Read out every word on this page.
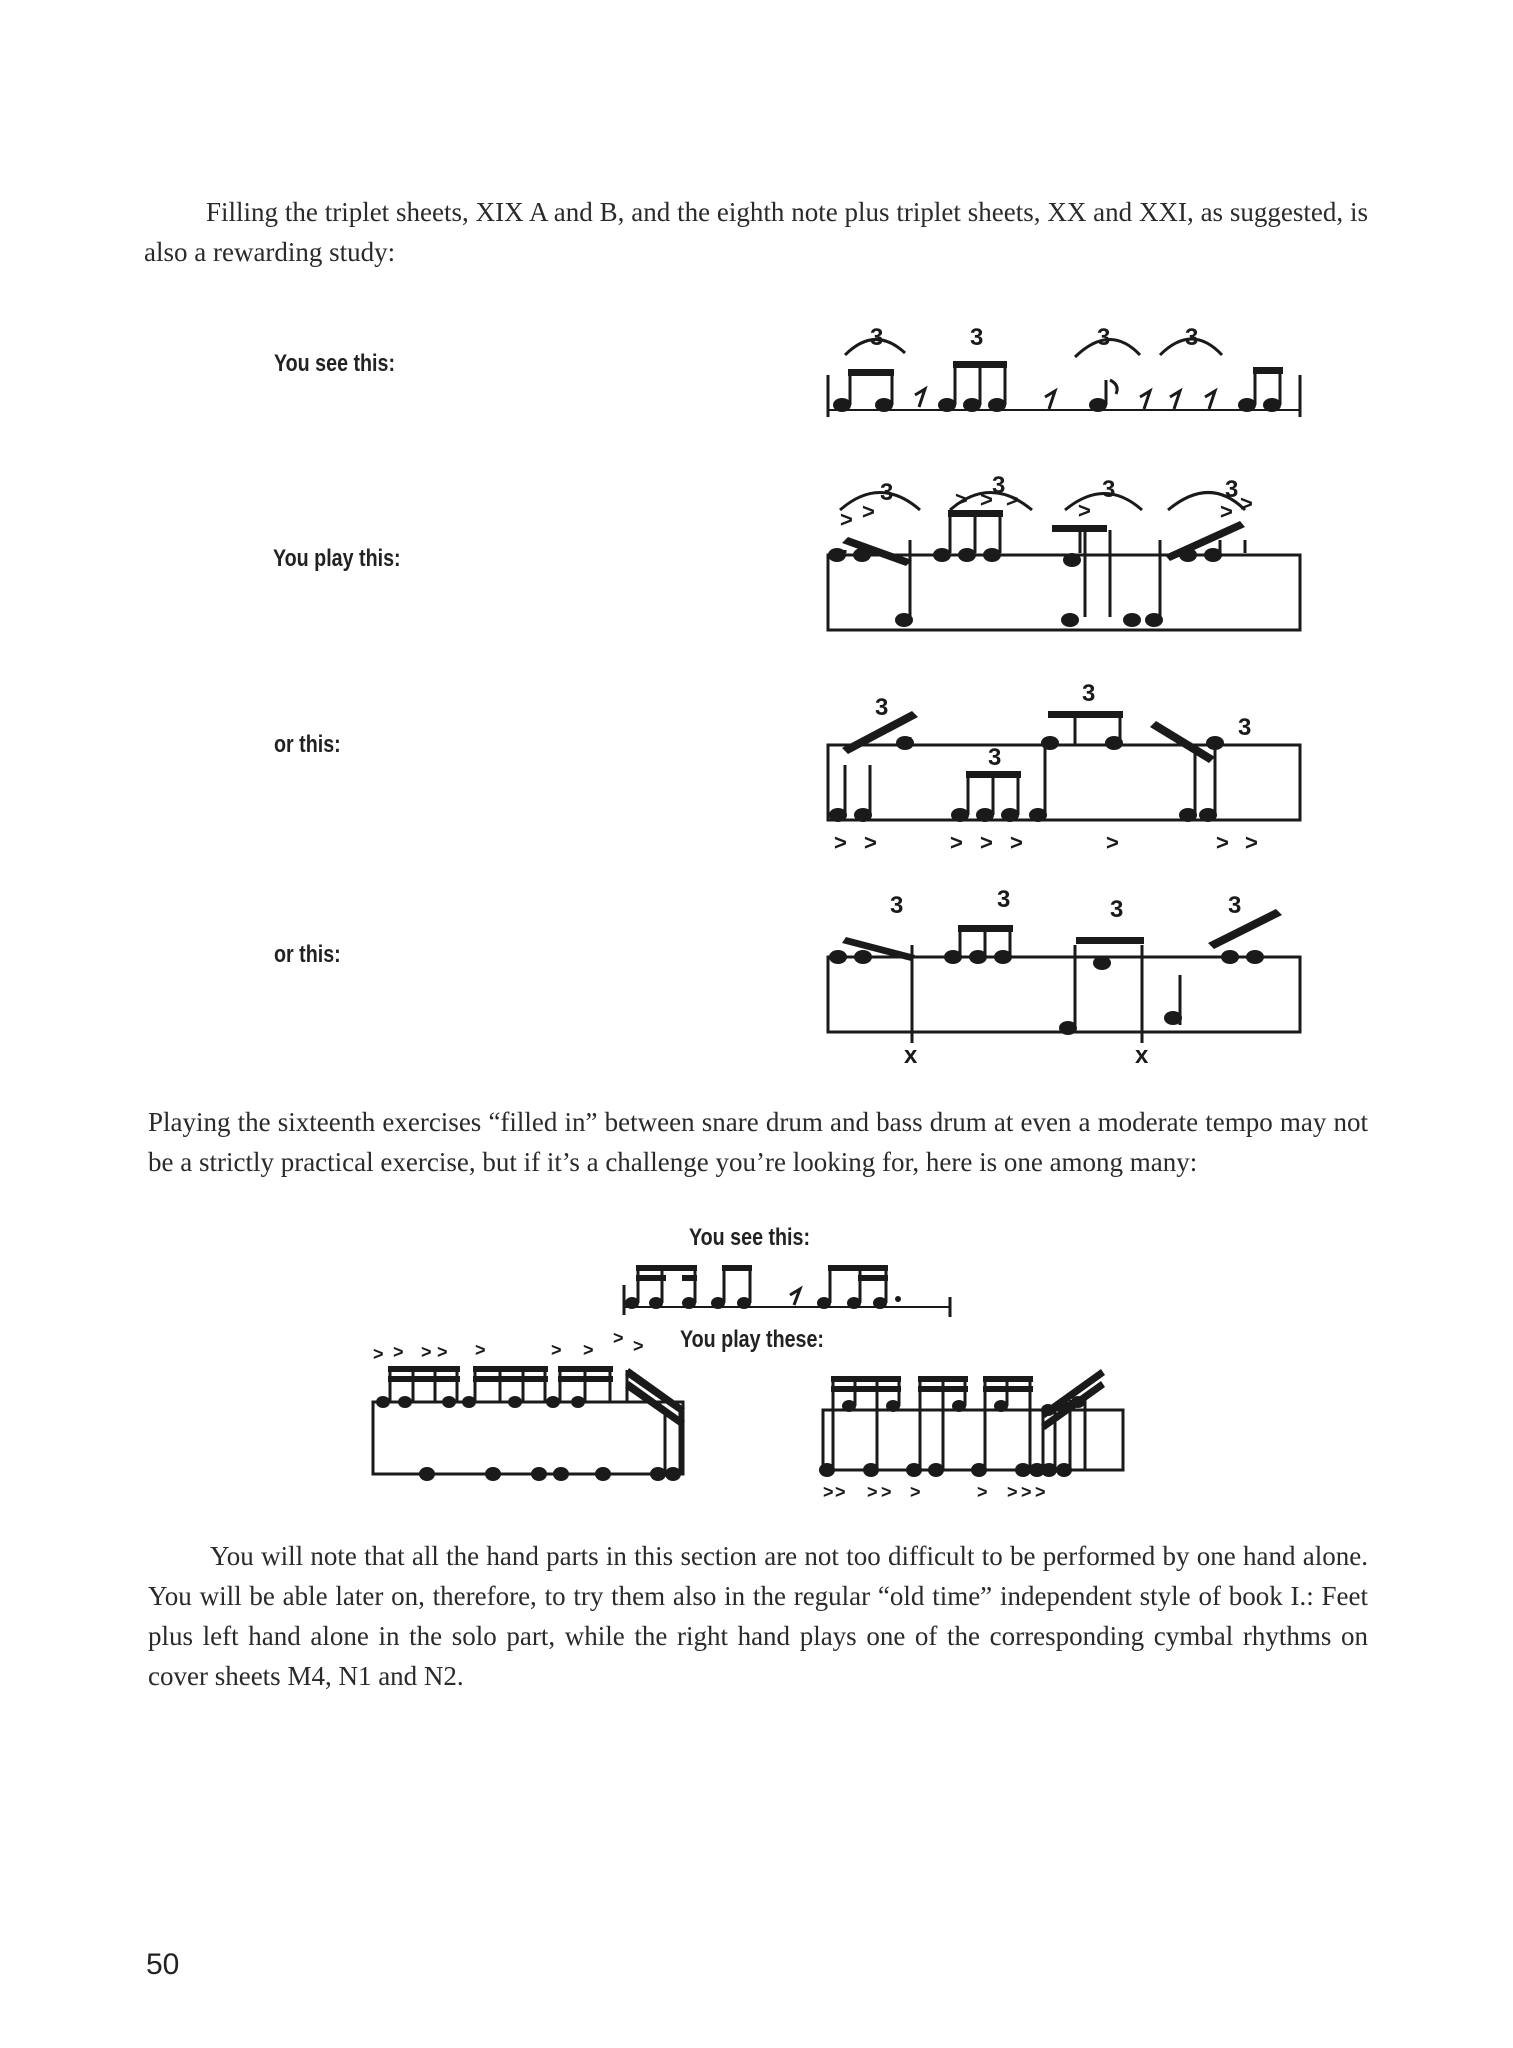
Filling the triplet sheets, XIX A and B, and the eighth note plus triplet sheets, XX and XXI, as suggested, is also a rewarding study:

You see this:
You play this:
or this:
or this:
3	3	3	3
3	3	3	3
> >	> > >	>	> >
3
3
3
3
> >	> > >	>	> >
3	3	3	3
x	x

Playing the sixteenth exercises “filled in” between snare drum and bass drum at even a moderate tempo may not be a strictly practical exercise, but if it’s a challenge you’re looking for, here is one among many:

You see this:
You play these:
> > > > >	> >
> >
> > > > >	> > > >

You will note that all the hand parts in this section are not too difficult to be performed by one hand alone. You will be able later on, therefore, to try them also in the regular “old time” independent style of book I.: Feet plus left hand alone in the solo part, while the right hand plays one of the corresponding cymbal rhythms on cover sheets M4, N1 and N2.

50
